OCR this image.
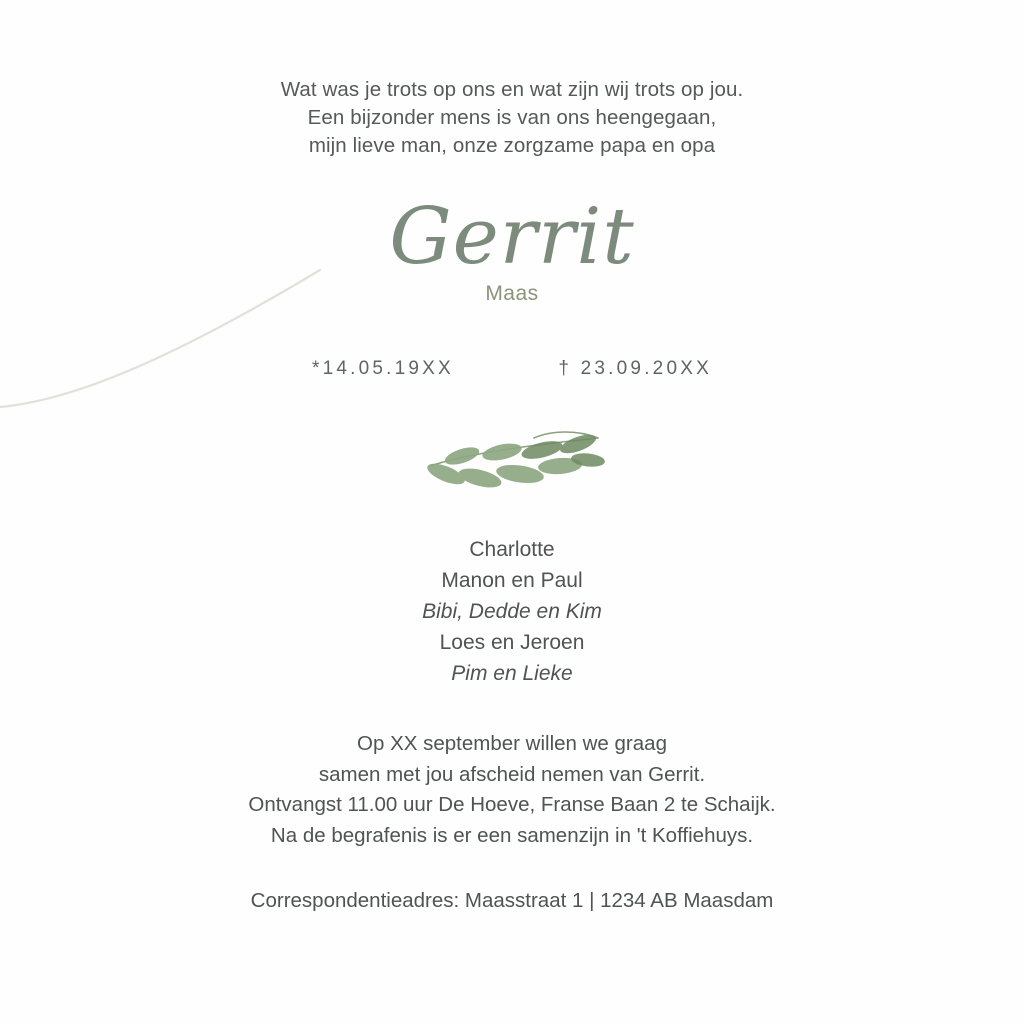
Wat was je trots op ons en wat zijn wij trots op jou.
Een bijzonder mens is van ons heengegaan,
mijn lieve man, onze zorgzame papa en opa
Gerrit
Maas
*14.05.19XX	† 23.09.20XX
Charlotte
Manon en Paul
Bibi, Dedde en Kim
Loes en Jeroen
Pim en Lieke
Op XX september willen we graag
samen met jou afscheid nemen van Gerrit.
Ontvangst 11.00 uur De Hoeve, Franse Baan 2 te Schaijk.
Na de begrafenis is er een samenzijn in 't Koffiehuys.
Correspondentieadres: Maasstraat 1 | 1234 AB Maasdam
